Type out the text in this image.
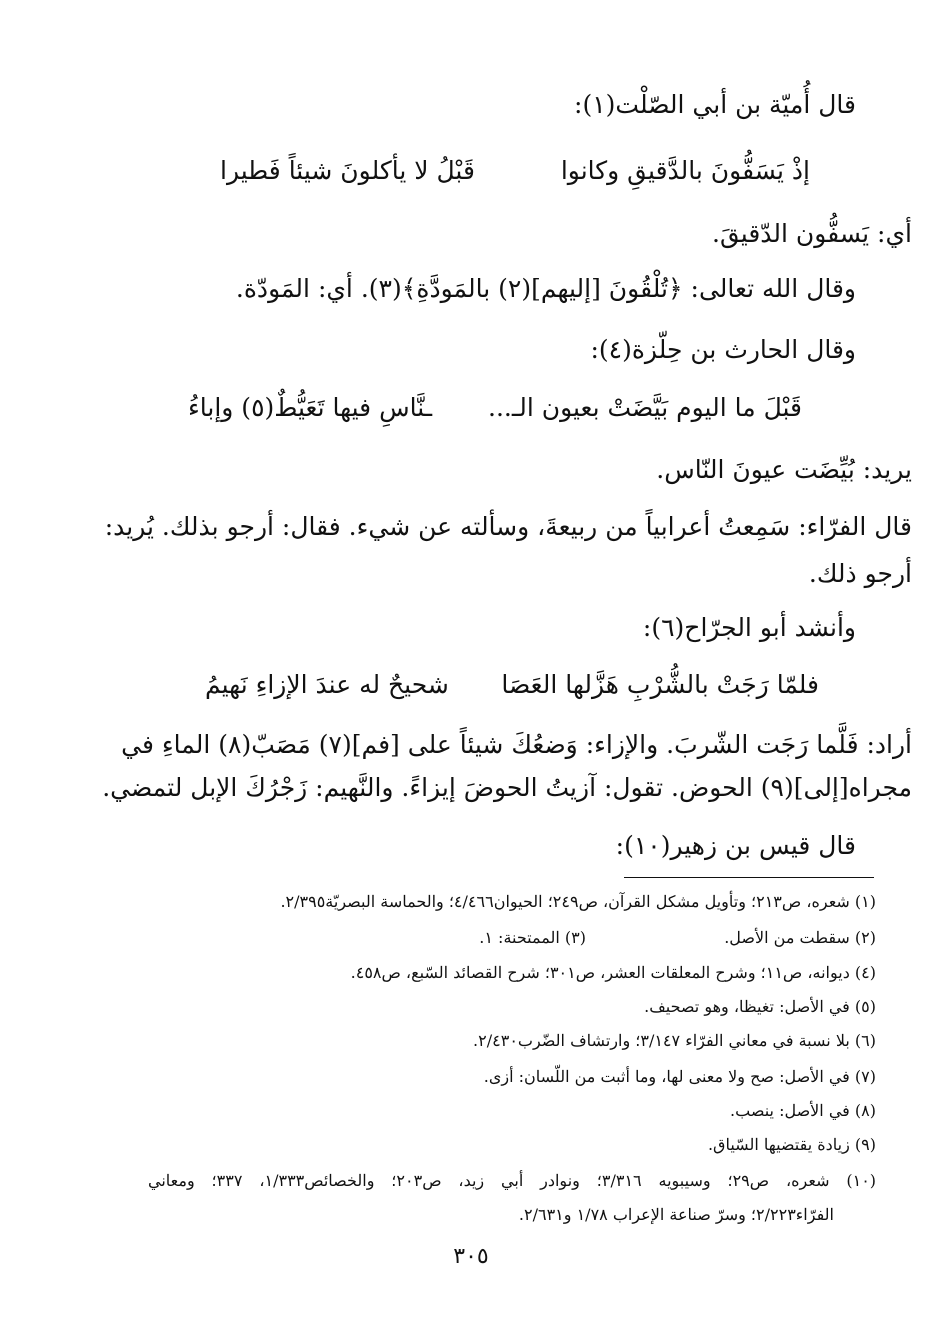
قال أُميّة بن أبي الصّلْت(١):

إذْ يَسَفُّونَ بالدَّقيقِ وكانوا
قَبْلُ لا يأكلونَ شيئاً فَطيرا

أي: يَسفُّون الدّقيقَ.

وقال الله تعالى: ﴿تُلْقُونَ [إليهم](٢) بالمَودَّةِ﴾(٣). أي: المَودّة.

وقال الحارث بن حِلّزة(٤):

قَبْلَ ما اليوم بَيَّضَتْ بعيون الـ...
ـنَّاسِ فيها تَعَيُّطٌ(٥) وإباءُ

يريد: بُيِّضَت عيونَ النّاس.

قال الفرّاء: سَمِعتُ أعرابياً من ربيعةَ، وسألته عن شيء. فقال: أرجو بذلك. يُريد:

أرجو ذلك.

وأنشد أبو الجرّاح(٦):

فلمّا رَجَتْ بالشُّرْبِ هَزَّلها العَصَا
شحيحٌ له عندَ الإزاءِ نَهيمُ

أراد: فَلَّما رَجَت الشّربَ. والإزاء: وَضعُكَ شيئاً على [فم](٧) مَصَبّ(٨) الماءِ في

مجراه[إلى](٩) الحوض. تقول: آزيتُ الحوضَ إيزاءً. والنَّهيم: زَجْرُكَ الإبل لتمضي.

قال قيس بن زهير(١٠):

(١) شعره، ص٢١٣؛ وتأويل مشكل القرآن، ص٢٤٩؛ الحيوان٤/٤٦٦؛ والحماسة البصريّة٢/٣٩٥.
(٢) سقطت من الأصل.
(٣) الممتحنة: ١.
(٤) ديوانه، ص١١؛ وشرح المعلقات العشر، ص٣٠١؛ شرح القصائد السّبع، ص٤٥٨.
(٥) في الأصل: تغيظا، وهو تصحيف.
(٦) بلا نسبة في معاني الفرّاء ٣/١٤٧؛ وارتشاف الضّرب٢/٤٣٠.
(٧) في الأصل: صح ولا معنى لها، وما أثبت من اللّسان: أزى.
(٨) في الأصل: ينصب.
(٩) زيادة يقتضيها السّياق.
(١٠) شعره، ص٢٩؛ وسيبويه ٣/٣١٦؛ ونوادر أبي زيد، ص٢٠٣؛ والخصائص١/٣٣٣، ٣٣٧؛ ومعاني
الفرّاء٢/٢٢٣؛ وسرّ صناعة الإعراب ١/٧٨ و٢/٦٣١.
٣٠٥
